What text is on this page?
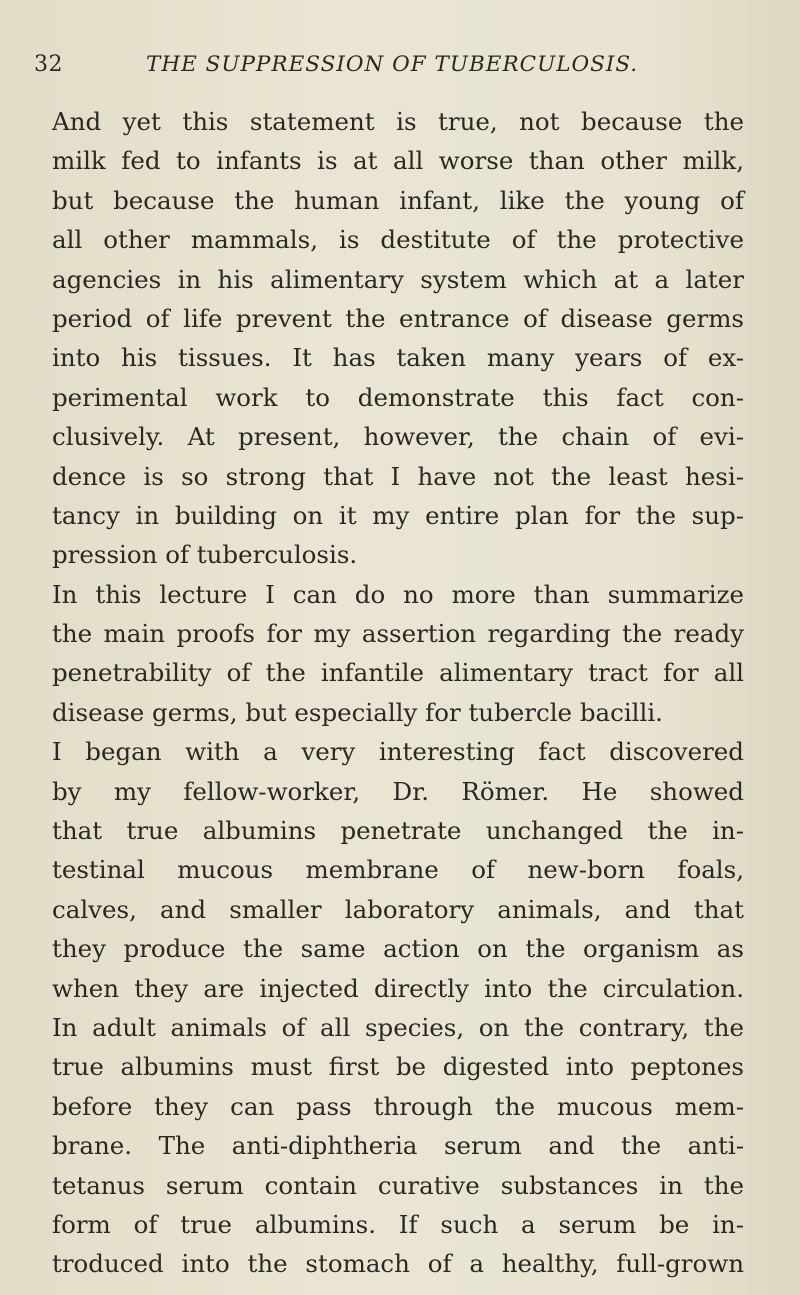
32	THE SUPPRESSION OF TUBERCULOSIS.
And yet this statement is true, not because the
milk fed to infants is at all worse than other milk,
but because the human infant, like the young of
all other mammals, is destitute of the protective
agencies in his alimentary system which at a later
period of life prevent the entrance of disease germs
into his tissues. It has taken many years of ex-
perimental work to demonstrate this fact con-
clusively. At present, however, the chain of evi-
dence is so strong that I have not the least hesi-
tancy in building on it my entire plan for the sup-
pression of tuberculosis.
In this lecture I can do no more than summarize
the main proofs for my assertion regarding the ready
penetrability of the infantile alimentary tract for all
disease germs, but especially for tubercle bacilli.
I began with a very interesting fact discovered
by my fellow-worker, Dr. Römer. He showed
that true albumins penetrate unchanged the in-
testinal mucous membrane of new-born foals,
calves, and smaller laboratory animals, and that
they produce the same action on the organism as
when they are injected directly into the circulation.
In adult animals of all species, on the contrary, the
true albumins must first be digested into peptones
before they can pass through the mucous mem-
brane. The anti-diphtheria serum and the anti-
tetanus serum contain curative substances in the
form of true albumins. If such a serum be in-
troduced into the stomach of a healthy, full-grown
